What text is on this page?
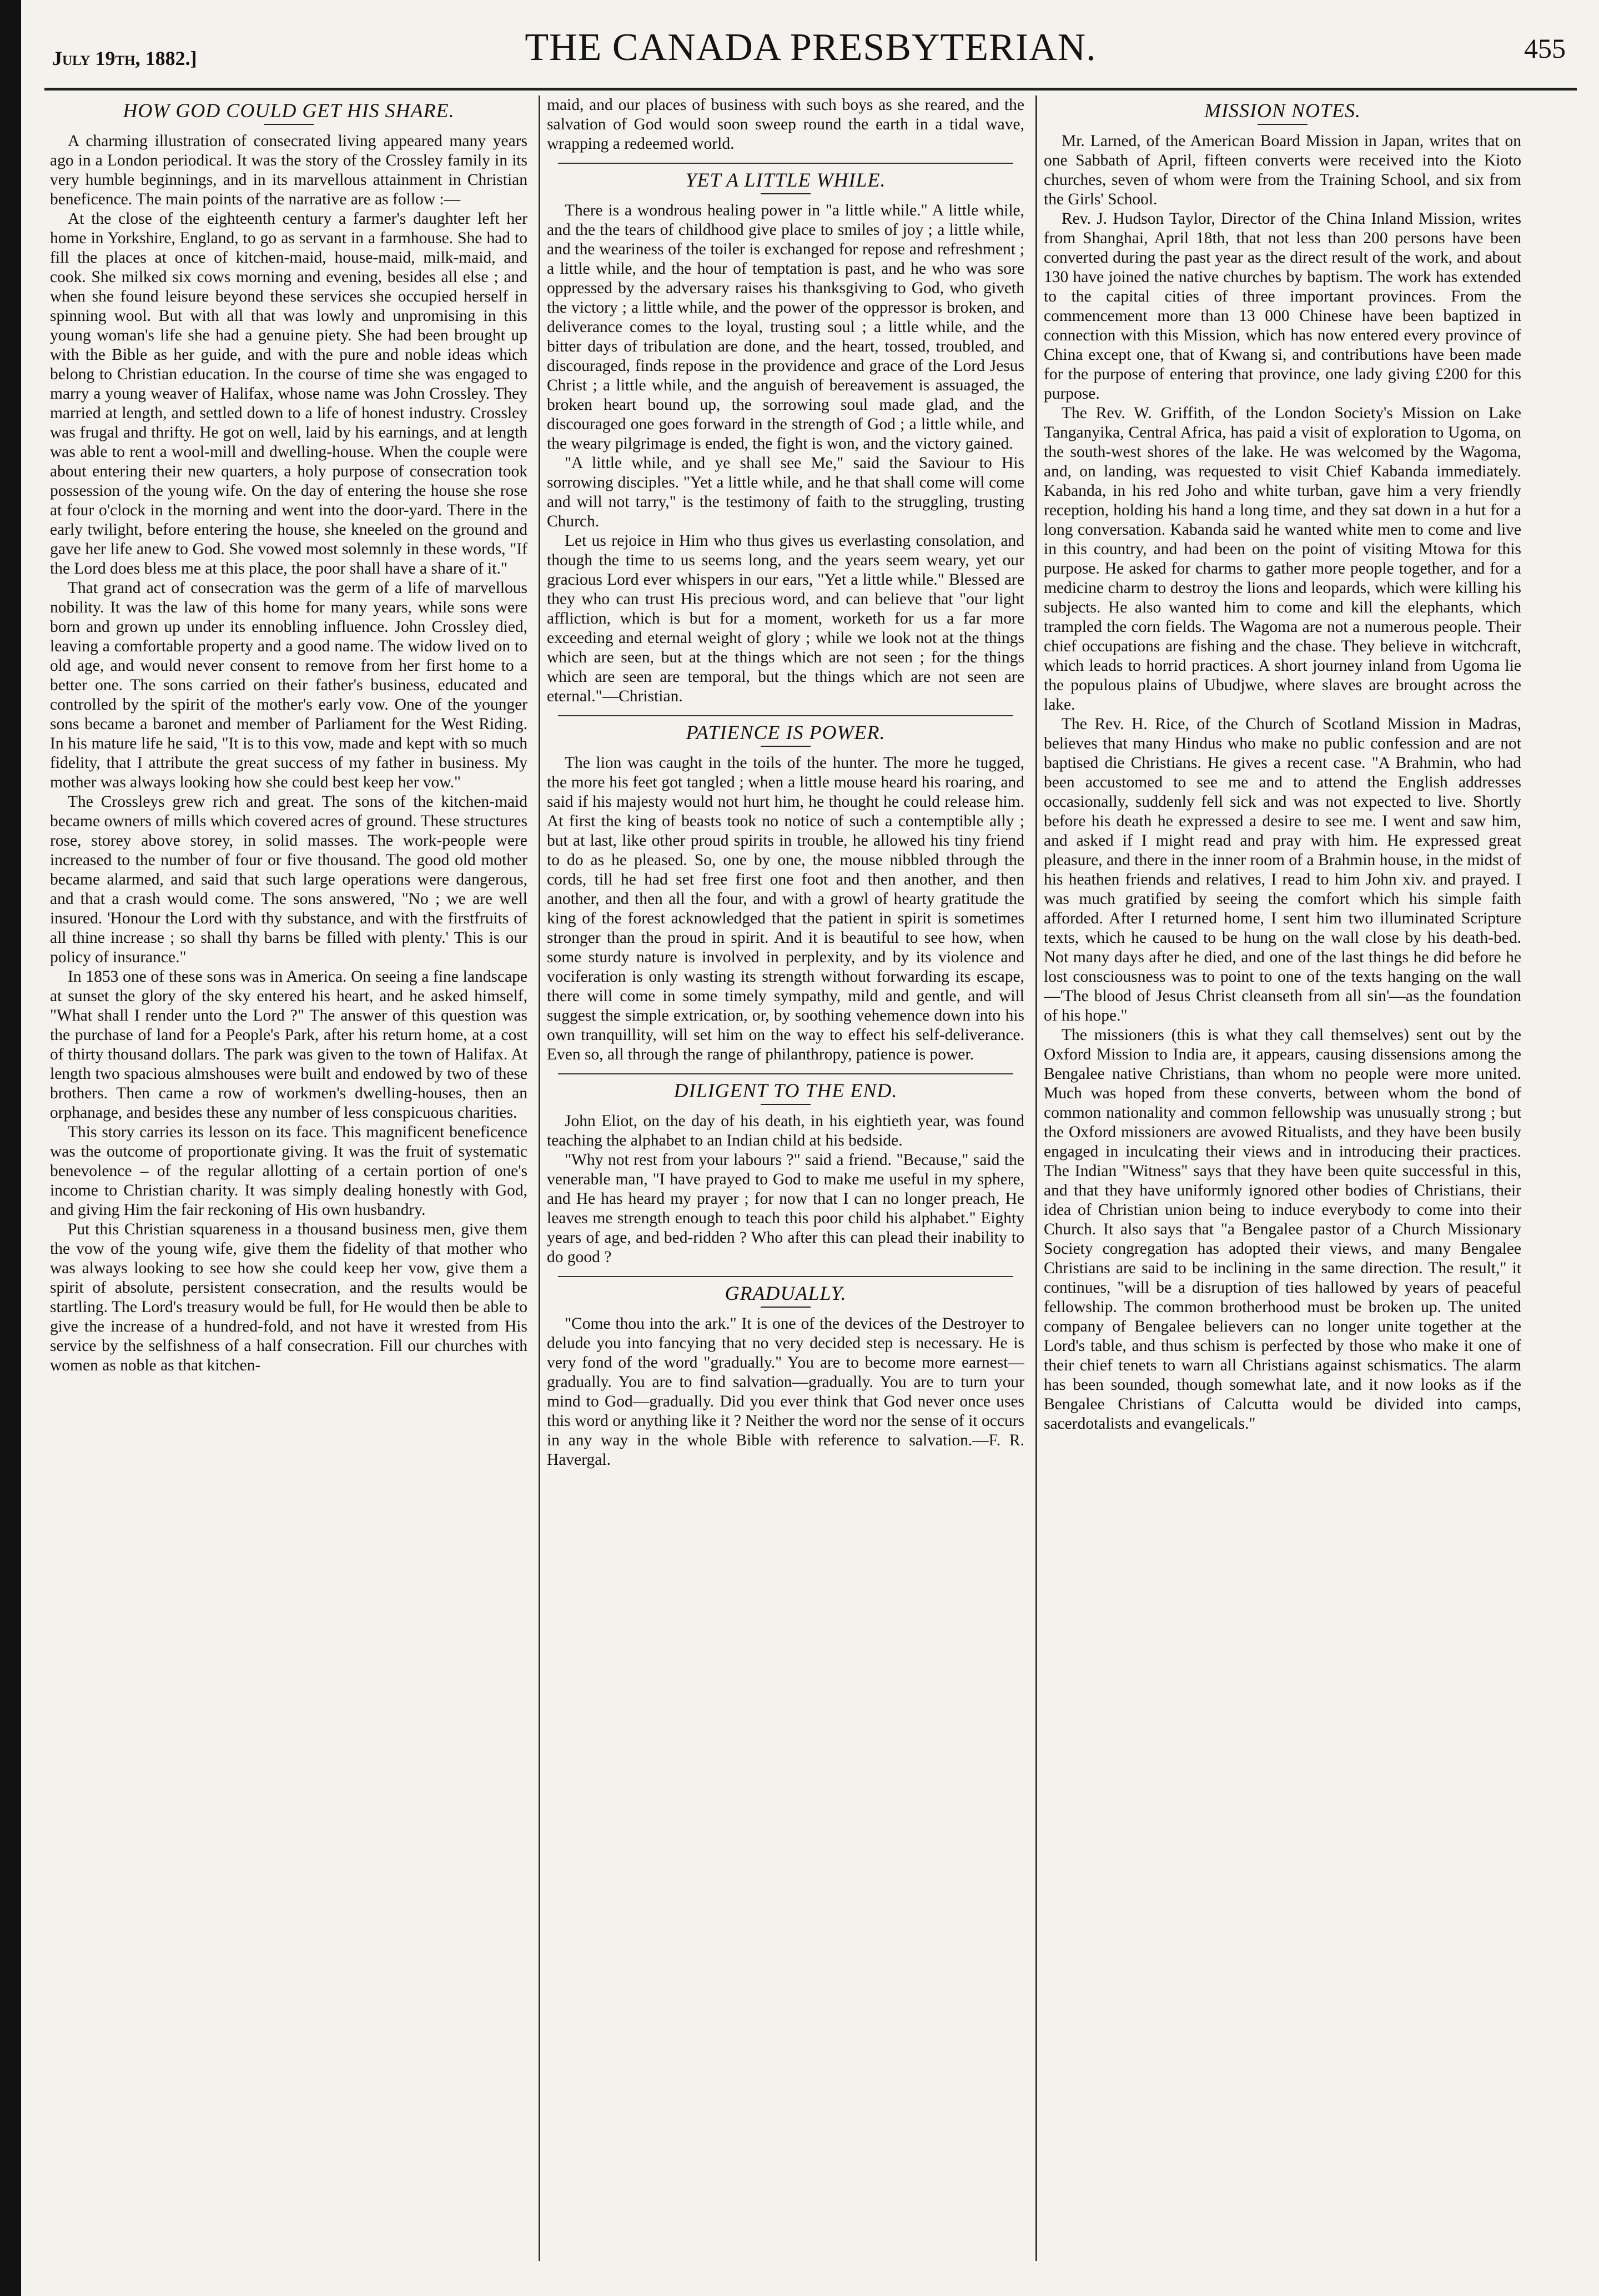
July 19th, 1882.]	THE CANADA PRESBYTERIAN.	455
HOW GOD COULD GET HIS SHARE.

A charming illustration of consecrated living appeared many years ago in a London periodical. It was the story of the Crossley family in its very humble beginnings, and in its marvellous attainment in Christian beneficence. The main points of the narrative are as follow :—

At the close of the eighteenth century a farmer's daughter left her home in Yorkshire, England, to go as servant in a farmhouse. She had to fill the places at once of kitchen-maid, house-maid, milk-maid, and cook. She milked six cows morning and evening, besides all else ; and when she found leisure beyond these services she occupied herself in spinning wool. But with all that was lowly and unpromising in this young woman's life she had a genuine piety. She had been brought up with the Bible as her guide, and with the pure and noble ideas which belong to Christian education. In the course of time she was engaged to marry a young weaver of Halifax, whose name was John Crossley. They married at length, and settled down to a life of honest industry. Crossley was frugal and thrifty. He got on well, laid by his earnings, and at length was able to rent a wool-mill and dwelling-house. When the couple were about entering their new quarters, a holy purpose of consecration took possession of the young wife. On the day of entering the house she rose at four o'clock in the morning and went into the door-yard. There in the early twilight, before entering the house, she kneeled on the ground and gave her life anew to God. She vowed most solemnly in these words, "If the Lord does bless me at this place, the poor shall have a share of it."

That grand act of consecration was the germ of a life of marvellous nobility. It was the law of this home for many years, while sons were born and grown up under its ennobling influence. John Crossley died, leaving a comfortable property and a good name. The widow lived on to old age, and would never consent to remove from her first home to a better one. The sons carried on their father's business, educated and controlled by the spirit of the mother's early vow. One of the younger sons became a baronet and member of Parliament for the West Riding. In his mature life he said, "It is to this vow, made and kept with so much fidelity, that I attribute the great success of my father in business. My mother was always looking how she could best keep her vow."

The Crossleys grew rich and great. The sons of the kitchen-maid became owners of mills which covered acres of ground. These structures rose, storey above storey, in solid masses. The work-people were increased to the number of four or five thousand. The good old mother became alarmed, and said that such large operations were dangerous, and that a crash would come. The sons answered, "No ; we are well insured. 'Honour the Lord with thy substance, and with the firstfruits of all thine increase ; so shall thy barns be filled with plenty.' This is our policy of insurance."

In 1853 one of these sons was in America. On seeing a fine landscape at sunset the glory of the sky entered his heart, and he asked himself, "What shall I render unto the Lord ?" The answer of this question was the purchase of land for a People's Park, after his return home, at a cost of thirty thousand dollars. The park was given to the town of Halifax. At length two spacious almshouses were built and endowed by two of these brothers. Then came a row of workmen's dwelling-houses, then an orphanage, and besides these any number of less conspicuous charities.

This story carries its lesson on its face. This magnificent beneficence was the outcome of proportionate giving. It was the fruit of systematic benevolence – of the regular allotting of a certain portion of one's income to Christian charity. It was simply dealing honestly with God, and giving Him the fair reckoning of His own husbandry.

Put this Christian squareness in a thousand business men, give them the vow of the young wife, give them the fidelity of that mother who was always looking to see how she could keep her vow, give them a spirit of absolute, persistent consecration, and the results would be startling. The Lord's treasury would be full, for He would then be able to give the increase of a hundred-fold, and not have it wrested from His service by the selfishness of a half consecration. Fill our churches with women as noble as that kitchen-

maid, and our places of business with such boys as she reared, and the salvation of God would soon sweep round the earth in a tidal wave, wrapping a redeemed world.

YET A LITTLE WHILE.

There is a wondrous healing power in "a little while." A little while, and the the tears of childhood give place to smiles of joy ; a little while, and the weariness of the toiler is exchanged for repose and refreshment ; a little while, and the hour of temptation is past, and he who was sore oppressed by the adversary raises his thanksgiving to God, who giveth the victory ; a little while, and the power of the oppressor is broken, and deliverance comes to the loyal, trusting soul ; a little while, and the bitter days of tribulation are done, and the heart, tossed, troubled, and discouraged, finds repose in the providence and grace of the Lord Jesus Christ ; a little while, and the anguish of bereavement is assuaged, the broken heart bound up, the sorrowing soul made glad, and the discouraged one goes forward in the strength of God ; a little while, and the weary pilgrimage is ended, the fight is won, and the victory gained.

"A little while, and ye shall see Me," said the Saviour to His sorrowing disciples. "Yet a little while, and he that shall come will come and will not tarry," is the testimony of faith to the struggling, trusting Church.

Let us rejoice in Him who thus gives us everlasting consolation, and though the time to us seems long, and the years seem weary, yet our gracious Lord ever whispers in our ears, "Yet a little while." Blessed are they who can trust His precious word, and can believe that "our light affliction, which is but for a moment, worketh for us a far more exceeding and eternal weight of glory ; while we look not at the things which are seen, but at the things which are not seen ; for the things which are seen are temporal, but the things which are not seen are eternal."—Christian.

PATIENCE IS POWER.

The lion was caught in the toils of the hunter. The more he tugged, the more his feet got tangled ; when a little mouse heard his roaring, and said if his majesty would not hurt him, he thought he could release him. At first the king of beasts took no notice of such a contemptible ally ; but at last, like other proud spirits in trouble, he allowed his tiny friend to do as he pleased. So, one by one, the mouse nibbled through the cords, till he had set free first one foot and then another, and then another, and then all the four, and with a growl of hearty gratitude the king of the forest acknowledged that the patient in spirit is sometimes stronger than the proud in spirit. And it is beautiful to see how, when some sturdy nature is involved in perplexity, and by its violence and vociferation is only wasting its strength without forwarding its escape, there will come in some timely sympathy, mild and gentle, and will suggest the simple extrication, or, by soothing vehemence down into his own tranquillity, will set him on the way to effect his self-deliverance. Even so, all through the range of philanthropy, patience is power.

DILIGENT TO THE END.

John Eliot, on the day of his death, in his eightieth year, was found teaching the alphabet to an Indian child at his bedside.

"Why not rest from your labours ?" said a friend. "Because," said the venerable man, "I have prayed to God to make me useful in my sphere, and He has heard my prayer ; for now that I can no longer preach, He leaves me strength enough to teach this poor child his alphabet." Eighty years of age, and bed-ridden ? Who after this can plead their inability to do good ?

GRADUALLY.

"Come thou into the ark." It is one of the devices of the Destroyer to delude you into fancying that no very decided step is necessary. He is very fond of the word "gradually." You are to become more earnest—gradually. You are to find salvation—gradually. You are to turn your mind to God—gradually. Did you ever think that God never once uses this word or anything like it ? Neither the word nor the sense of it occurs in any way in the whole Bible with reference to salvation.—F. R. Havergal.

MISSION NOTES.

Mr. Larned, of the American Board Mission in Japan, writes that on one Sabbath of April, fifteen converts were received into the Kioto churches, seven of whom were from the Training School, and six from the Girls' School.

Rev. J. Hudson Taylor, Director of the China Inland Mission, writes from Shanghai, April 18th, that not less than 200 persons have been converted during the past year as the direct result of the work, and about 130 have joined the native churches by baptism. The work has extended to the capital cities of three important provinces. From the commencement more than 13 000 Chinese have been baptized in connection with this Mission, which has now entered every province of China except one, that of Kwang si, and contributions have been made for the purpose of entering that province, one lady giving £200 for this purpose.

The Rev. W. Griffith, of the London Society's Mission on Lake Tanganyika, Central Africa, has paid a visit of exploration to Ugoma, on the south-west shores of the lake. He was welcomed by the Wagoma, and, on landing, was requested to visit Chief Kabanda immediately. Kabanda, in his red Joho and white turban, gave him a very friendly reception, holding his hand a long time, and they sat down in a hut for a long conversation. Kabanda said he wanted white men to come and live in this country, and had been on the point of visiting Mtowa for this purpose. He asked for charms to gather more people together, and for a medicine charm to destroy the lions and leopards, which were killing his subjects. He also wanted him to come and kill the elephants, which trampled the corn fields. The Wagoma are not a numerous people. Their chief occupations are fishing and the chase. They believe in witchcraft, which leads to horrid practices. A short journey inland from Ugoma lie the populous plains of Ubudjwe, where slaves are brought across the lake.

The Rev. H. Rice, of the Church of Scotland Mission in Madras, believes that many Hindus who make no public confession and are not baptised die Christians. He gives a recent case. "A Brahmin, who had been accustomed to see me and to attend the English addresses occasionally, suddenly fell sick and was not expected to live. Shortly before his death he expressed a desire to see me. I went and saw him, and asked if I might read and pray with him. He expressed great pleasure, and there in the inner room of a Brahmin house, in the midst of his heathen friends and relatives, I read to him John xiv. and prayed. I was much gratified by seeing the comfort which his simple faith afforded. After I returned home, I sent him two illuminated Scripture texts, which he caused to be hung on the wall close by his death-bed. Not many days after he died, and one of the last things he did before he lost consciousness was to point to one of the texts hanging on the wall—'The blood of Jesus Christ cleanseth from all sin'—as the foundation of his hope."

The missioners (this is what they call themselves) sent out by the Oxford Mission to India are, it appears, causing dissensions among the Bengalee native Christians, than whom no people were more united. Much was hoped from these converts, between whom the bond of common nationality and common fellowship was unusually strong ; but the Oxford missioners are avowed Ritualists, and they have been busily engaged in inculcating their views and in introducing their practices. The Indian "Witness" says that they have been quite successful in this, and that they have uniformly ignored other bodies of Christians, their idea of Christian union being to induce everybody to come into their Church. It also says that "a Bengalee pastor of a Church Missionary Society congregation has adopted their views, and many Bengalee Christians are said to be inclining in the same direction. The result," it continues, "will be a disruption of ties hallowed by years of peaceful fellowship. The common brotherhood must be broken up. The united company of Bengalee believers can no longer unite together at the Lord's table, and thus schism is perfected by those who make it one of their chief tenets to warn all Christians against schismatics. The alarm has been sounded, though somewhat late, and it now looks as if the Bengalee Christians of Calcutta would be divided into camps, sacerdotalists and evangelicals."
